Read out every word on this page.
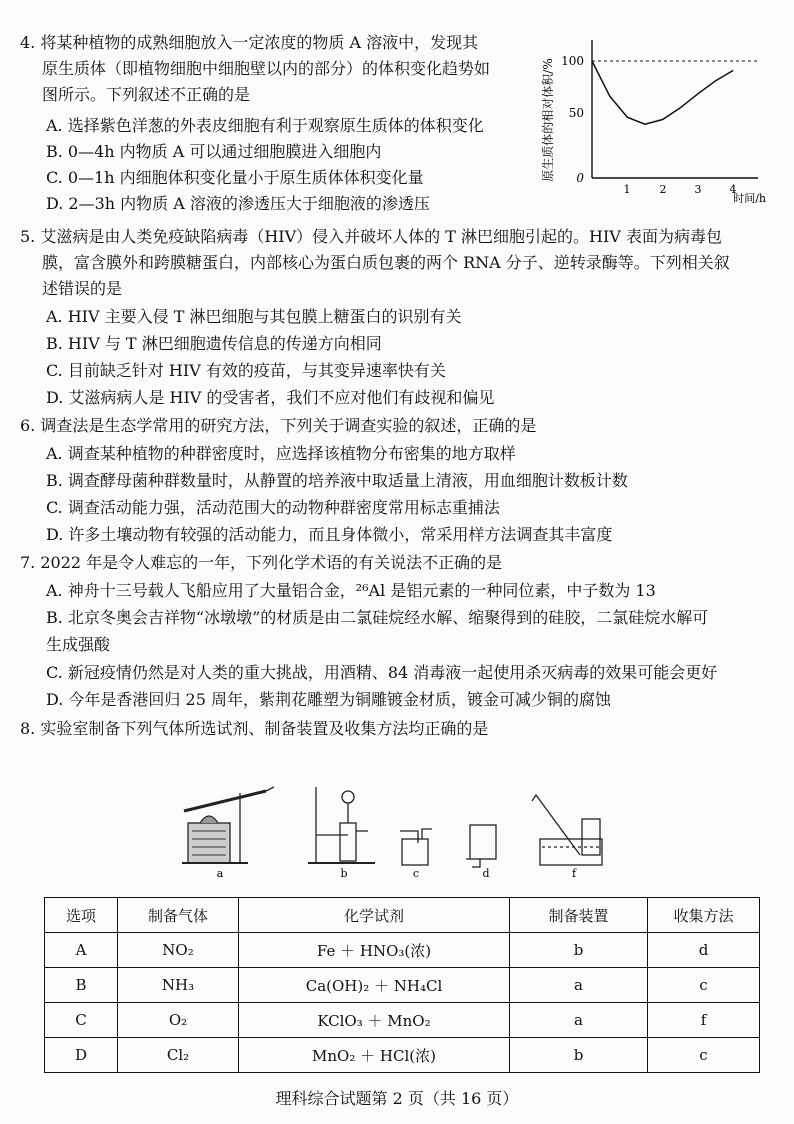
4. 将某种植物的成熟细胞放入一定浓度的物质 A 溶液中，发现其
原生质体（即植物细胞中细胞壁以内的部分）的体积变化趋势如
图所示。下列叙述不正确的是
A. 选择紫色洋葱的外表皮细胞有利于观察原生质体的体积变化
B. 0—4h 内物质 A 可以通过细胞膜进入细胞内
C. 0—1h 内细胞体积变化量小于原生质体体积变化量
D. 2—3h 内物质 A 溶液的渗透压大于细胞液的渗透压
原生质体的相对体积/% 100
50
0
1	2	3	4
时间/h
5. 艾滋病是由人类免疫缺陷病毒（HIV）侵入并破坏人体的 T 淋巴细胞引起的。HIV 表面为病毒包
膜，富含膜外和跨膜糖蛋白，内部核心为蛋白质包裹的两个 RNA 分子、逆转录酶等。下列相关叙
述错误的是
A. HIV 主要入侵 T 淋巴细胞与其包膜上糖蛋白的识别有关
B. HIV 与 T 淋巴细胞遗传信息的传递方向相同
C. 目前缺乏针对 HIV 有效的疫苗，与其变异速率快有关
D. 艾滋病病人是 HIV 的受害者，我们不应对他们有歧视和偏见
6. 调查法是生态学常用的研究方法，下列关于调查实验的叙述，正确的是
A. 调查某种植物的种群密度时，应选择该植物分布密集的地方取样
B. 调查酵母菌种群数量时，从静置的培养液中取适量上清液，用血细胞计数板计数
C. 调查活动能力强，活动范围大的动物种群密度常用标志重捕法
D. 许多土壤动物有较强的活动能力，而且身体微小，常采用样方法调查其丰富度
7. 2022 年是令人难忘的一年，下列化学术语的有关说法不正确的是
A. 神舟十三号载人飞船应用了大量铝合金，²⁶Al 是铝元素的一种同位素，中子数为 13
B. 北京冬奥会吉祥物“冰墩墩”的材质是由二氯硅烷经水解、缩聚得到的硅胶，二氯硅烷水解可
生成强酸
C. 新冠疫情仍然是对人类的重大挑战，用酒精、84 消毒液一起使用杀灭病毒的效果可能会更好
D. 今年是香港回归 25 周年，紫荆花雕塑为铜雕镀金材质，镀金可减少铜的腐蚀
8. 实验室制备下列气体所选试剂、制备装置及收集方法均正确的是
a	b	c	d	f
选项	制备气体	化学试剂	制备装置	收集方法
A	NO₂	Fe ＋ HNO₃(浓)	b	d
B	NH₃	Ca(OH)₂ ＋ NH₄Cl	a	c
C	O₂	KClO₃ ＋ MnO₂	a	f
D	Cl₂	MnO₂ ＋ HCl(浓)	b	c
理科综合试题第 2 页（共 16 页）
